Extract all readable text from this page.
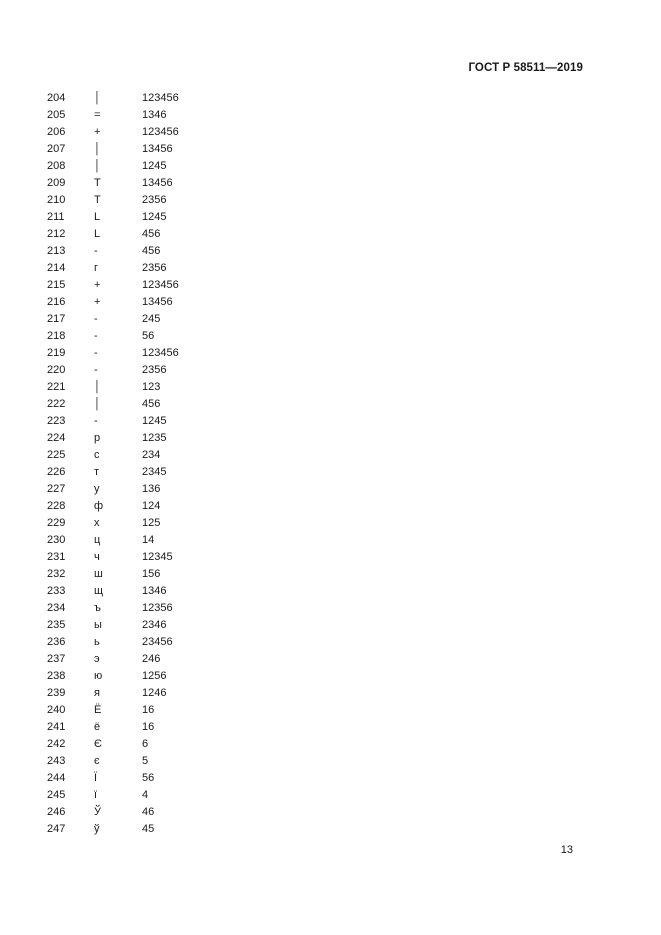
ГОСТ Р 58511—2019
204	│	123456
205	=	1346
206	+	123456
207	│	13456
208	│	1245
209	T	13456
210	T	2356
211	L	1245
212	L	456
213	-	456
214	г	2356
215	+	123456
216	+	13456
217	-	245
218	-	56
219	-	123456
220	-	2356
221	│	123
222	│	456
223	-	1245
224	р	1235
225	с	234
226	т	2345
227	у	136
228	ф	124
229	х	125
230	ц	14
231	ч	12345
232	ш	156
233	щ	1346
234	ъ	12356
235	ы	2346
236	ь	23456
237	э	246
238	ю	1256
239	я	1246
240	Ё	16
241	ё	16
242	Є	6
243	є	5
244	Ї	56
245	ї	4
246	Ў	46
247	ў	45
13
